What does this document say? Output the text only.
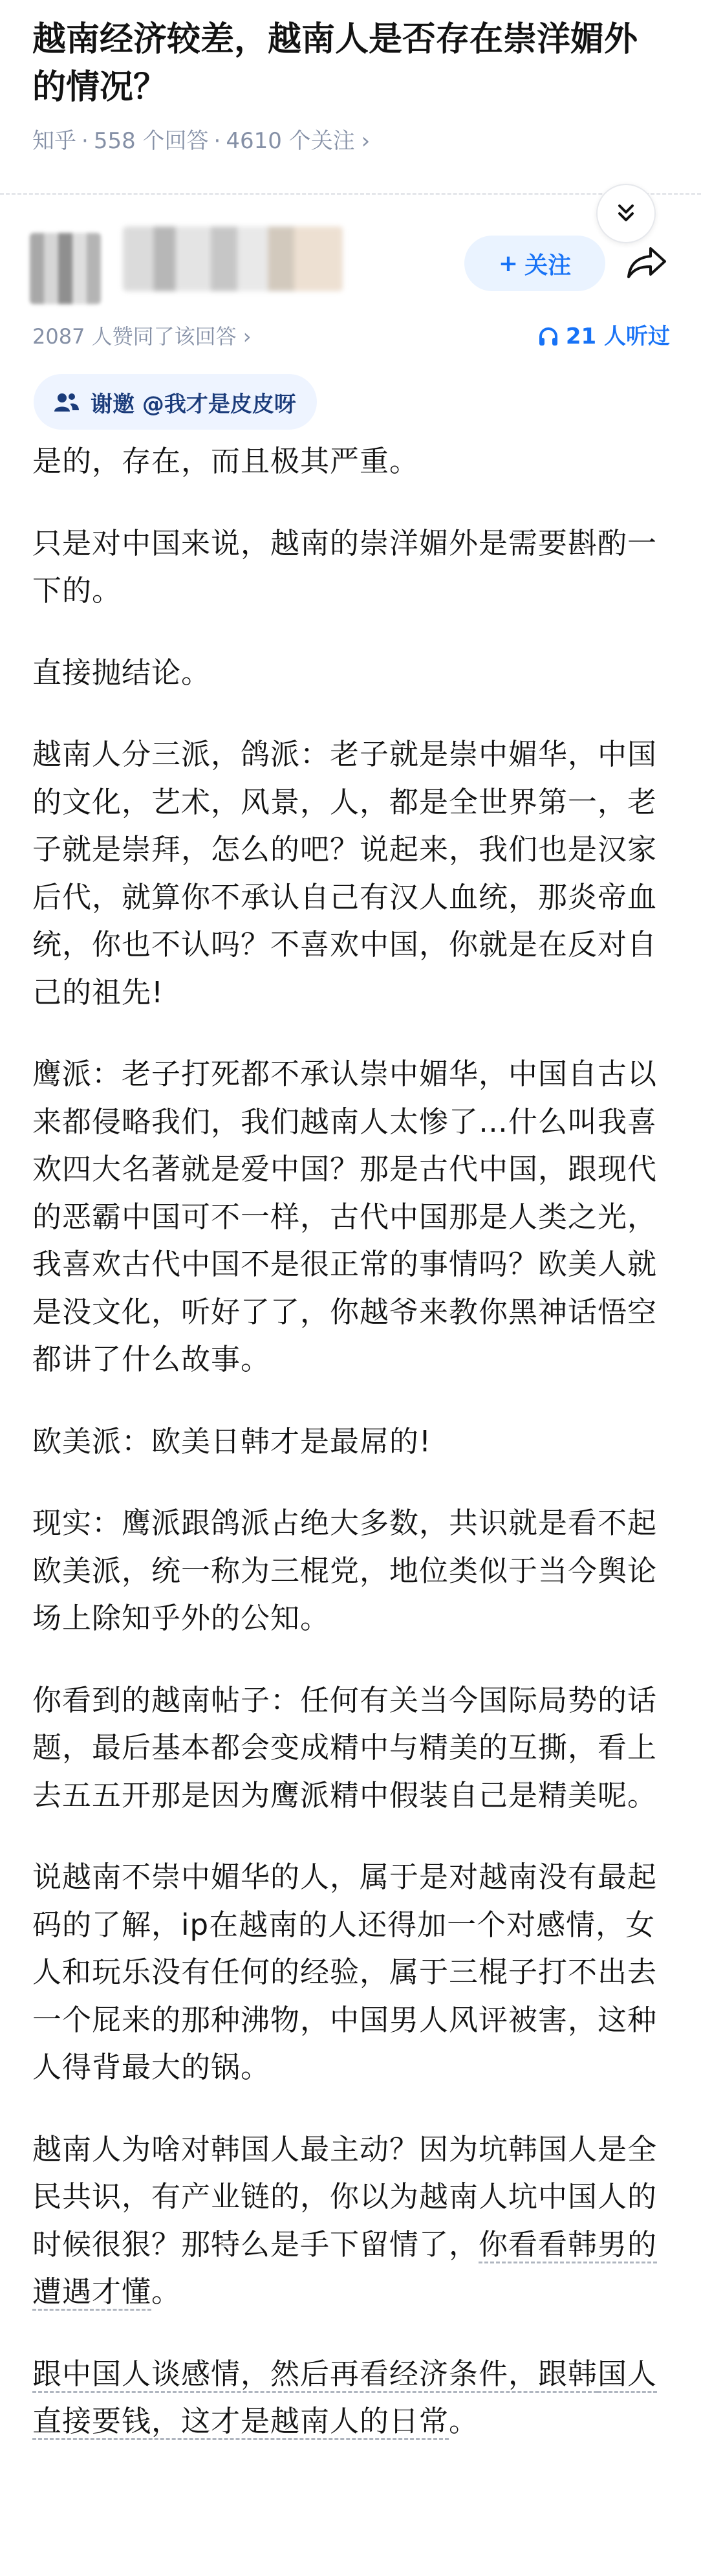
越南经济较差，越南人是否存在崇洋媚外的情况？
知乎 · 558 个回答 · 4610 个关注 ›
+ 关注
2087 人赞同了该回答 ›	21 人听过
谢邀 @我才是皮皮呀

是的，存在，而且极其严重。

只是对中国来说，越南的崇洋媚外是需要斟酌一下的。

直接抛结论。

越南人分三派，鸽派：老子就是崇中媚华，中国的文化，艺术，风景，人，都是全世界第一，老子就是崇拜，怎么的吧？说起来，我们也是汉家后代，就算你不承认自己有汉人血统，那炎帝血统，你也不认吗？不喜欢中国，你就是在反对自己的祖先!

鹰派：老子打死都不承认崇中媚华，中国自古以来都侵略我们，我们越南人太惨了…什么叫我喜欢四大名著就是爱中国？那是古代中国，跟现代的恶霸中国可不一样，古代中国那是人类之光，我喜欢古代中国不是很正常的事情吗？欧美人就是没文化，听好了了，你越爷来教你黑神话悟空都讲了什么故事。

欧美派：欧美日韩才是最屌的!

现实：鹰派跟鸽派占绝大多数，共识就是看不起欧美派，统一称为三棍党，地位类似于当今舆论场上除知乎外的公知。

你看到的越南帖子：任何有关当今国际局势的话题，最后基本都会变成精中与精美的互撕，看上去五五开那是因为鹰派精中假装自己是精美呢。

说越南不崇中媚华的人，属于是对越南没有最起码的了解，ip在越南的人还得加一个对感情，女人和玩乐没有任何的经验，属于三棍子打不出去一个屁来的那种沸物，中国男人风评被害，这种人得背最大的锅。

越南人为啥对韩国人最主动？因为坑韩国人是全民共识，有产业链的，你以为越南人坑中国人的时候很狠？那特么是手下留情了，你看看韩男的遭遇才懂。

跟中国人谈感情，然后再看经济条件，跟韩国人直接要钱，这才是越南人的日常。
